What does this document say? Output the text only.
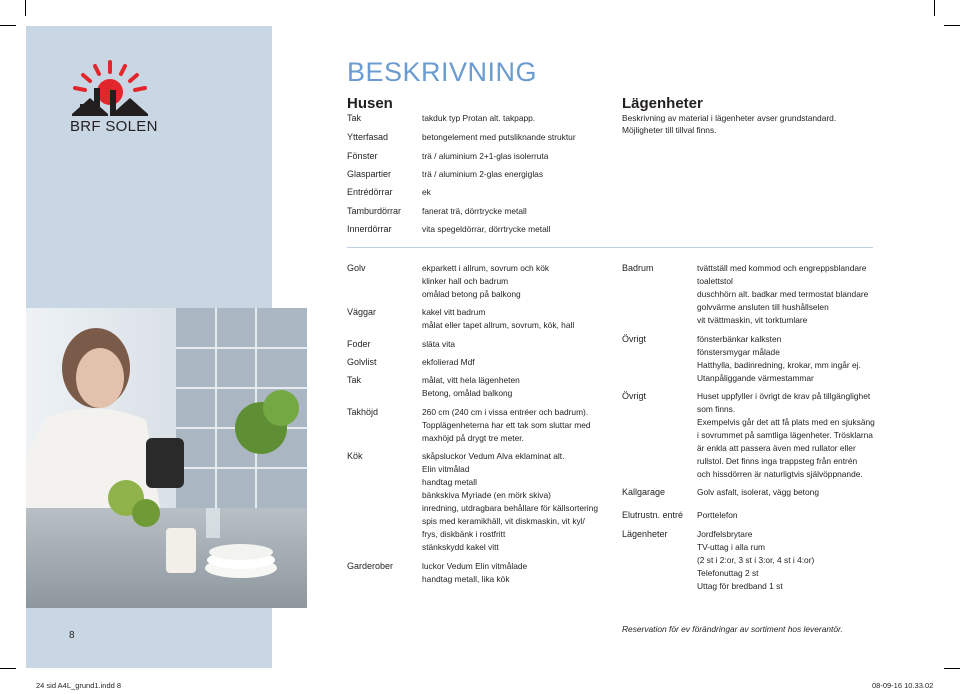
BRF SOLEN
8
BESKRIVNING
Husen
Tak	takduk typ Protan alt. takpapp.
Ytterfasad	betongelement med putsliknande struktur
Fönster	trä / aluminium 2+1-glas isolerruta
Glaspartier	trä / aluminium 2-glas energiglas
Entrédörrar	ek
Tamburdörrar fanerat trä, dörrtrycke metall
Innerdörrar	vita spegeldörrar, dörrtrycke metall
Lägenheter
Beskrivning av material i lägenheter avser grundstandard.
Möjligheter till tillval finns.
Golv	ekparkett i allrum, sovrum och kök
klinker hall och badrum
omålad betong på balkong
Väggar	kakel vitt badrum
målat eller tapet allrum, sovrum, kök, hall
Foder	släta vita
Golvlist	ekfolierad Mdf
Tak	målat, vitt hela lägenheten
Betong, omålad balkong
Takhöjd	260 cm (240 cm i vissa entréer och badrum).
Topplägenheterna har ett tak som sluttar med
maxhöjd på drygt tre meter.
Kök	skåpsluckor Vedum Alva eklaminat alt.
Elin vitmålad
handtag metall
bänkskiva Myriade (en mörk skiva)
inredning, utdragbara behållare för källsortering
spis med keramikhäll, vit diskmaskin, vit kyl/
frys, diskbänk i rostfritt
stänkskydd kakel vitt
Garderober	luckor Vedum Elin vitmålade
handtag metall, lika kök
Badrum	tvättställ med kommod och engreppsblandare
toalettstol
duschhörn alt. badkar med termostat blandare
golvvärme ansluten till hushållselen
vit tvättmaskin, vit torktumlare
Övrigt	fönsterbänkar kalksten
fönstersmygar målade
Hatthylla, badinredning, krokar, mm ingår ej.
Utanpåliggande värmestammar
Övrigt	Huset uppfyller i övrigt de krav på tillgänglighet
som finns.
Exempelvis går det att få plats med en sjuksäng
i sovrummet på samtliga lägenheter. Trösklarna
är enkla att passera även med rullator eller
rullstol. Det finns inga trappsteg från entrén
och hissdörren är naturligtvis självöppnande.
Kallgarage	Golv asfalt, isolerat, vägg betong
Elutrustn. entré Porttelefon
Lägenheter	Jordfelsbrytare
TV-uttag i alla rum
(2 st i 2:or, 3 st i 3:or, 4 st i 4:or)
Telefonuttag 2 st
Uttag för bredband 1 st
Reservation för ev förändringar av sortiment hos leverantör.
24 sid A4L_grund1.indd 8	08-09-16 10.33.02
